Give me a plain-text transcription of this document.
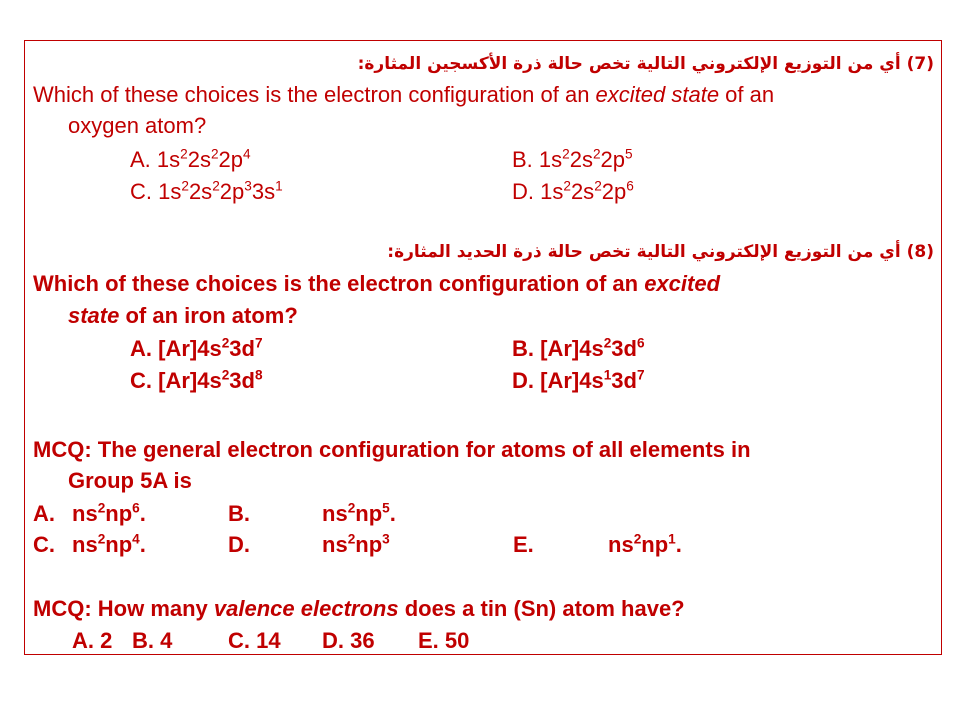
(7) أي من التوزيع الإلكتروني التالية تخص حالة ذرة الأكسجين المثارة:
Which of these choices is the electron configuration of an excited state of an
oxygen atom?
A. $1s^22s^22p^4$	B. $1s^22s^22p^5$
C. $1s^22s^22p^33s^1$	D. $1s^22s^22p^6$
(8) أي من التوزيع الإلكتروني التالية تخص حالة ذرة الحديد المثارة:
Which of these choices is the electron configuration of an excited
state of an iron atom?
A. $[Ar]4s^23d^7$	B. $[Ar]4s^23d^6$
C. $[Ar]4s^23d^8$	D. $[Ar]4s^13d^7$
MCQ: The general electron configuration for atoms of all elements in
Group 5A is
A. $ns^2np^6$.	B.	$ns^2np^5$.
C. $ns^2np^4$.	D.	$ns^2np^3$	E.	$ns^2np^1$.
MCQ: How many valence electrons does a tin (Sn) atom have?
A. 2 B. 4	C. 14 D. 36 E. 50
